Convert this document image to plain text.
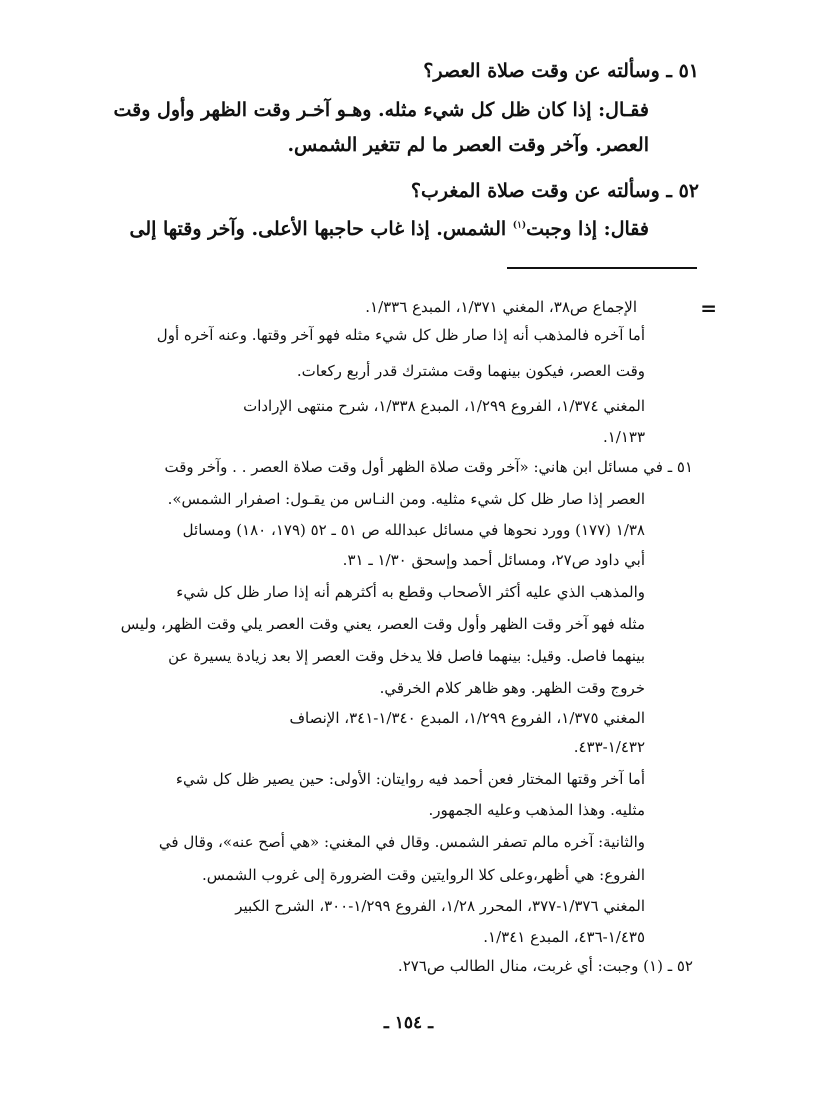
٥١ ـ وسألته عن وقت صلاة العصر؟
فقـال: إذا كان ظل كل شيء مثله. وهـو آخـر وقت الظهر وأول وقت
العصر. وآخر وقت العصر ما لم تتغير الشمس.
٥٢ ـ وسألته عن وقت صلاة المغرب؟
فقال: إذا وجبت$^{(١)}$ الشمس. إذا غاب حاجبها الأعلى. وآخر وقتها إلى
=
الإجماع ص٣٨، المغني ١/٣٧١، المبدع ١/٣٣٦.
أما آخره فالمذهب أنه إذا صار ظل كل شيء مثله فهو آخر وقتها. وعنه آخره أول
وقت العصر، فيكون بينهما وقت مشترك قدر أربع ركعات.
المغني ١/٣٧٤، الفروع ١/٢٩٩، المبدع ١/٣٣٨، شرح منتهى الإرادات
١/١٣٣.
٥١ ـ في مسائل ابن هاني: «آخر وقت صلاة الظهر أول وقت صلاة العصر . . وآخر وقت
العصر إذا صار ظل كل شيء مثليه. ومن النـاس من يقـول: اصفرار الشمس».
١/٣٨ (١٧٧) وورد نحوها في مسائل عبدالله ص ٥١ ـ ٥٢ (١٧٩، ١٨٠) ومسائل
أبي داود ص٢٧، ومسائل أحمد وإسحق ١/٣٠ ـ ٣١.
والمذهب الذي عليه أكثر الأصحاب وقطع به أكثرهم أنه إذا صار ظل كل شيء
مثله فهو آخر وقت الظهر وأول وقت العصر، يعني وقت العصر يلي وقت الظهر، وليس
بينهما فاصل. وقيل: بينهما فاصل فلا يدخل وقت العصر إلا بعد زيادة يسيرة عن
خروج وقت الظهر. وهو ظاهر كلام الخرقي.
المغني ١/٣٧٥، الفروع ١/٢٩٩، المبدع ١/٣٤٠-٣٤١، الإنصاف
١/٤٣٢-٤٣٣.
أما آخر وقتها المختار فعن أحمد فيه روايتان: الأولى: حين يصير ظل كل شيء
مثليه. وهذا المذهب وعليه الجمهور.
والثانية: آخره مالم تصفر الشمس. وقال في المغني: «هي أصح عنه»، وقال في
الفروع: هي أظهر،وعلى كلا الروايتين وقت الضرورة إلى غروب الشمس.
المغني ١/٣٧٦-٣٧٧، المحرر ١/٢٨، الفروع ١/٢٩٩-٣٠٠، الشرح الكبير
١/٤٣٥-٤٣٦، المبدع ١/٣٤١.
٥٢ ـ (١) وجبت: أي غربت، منال الطالب ص٢٧٦.
ـ ١٥٤ ـ
